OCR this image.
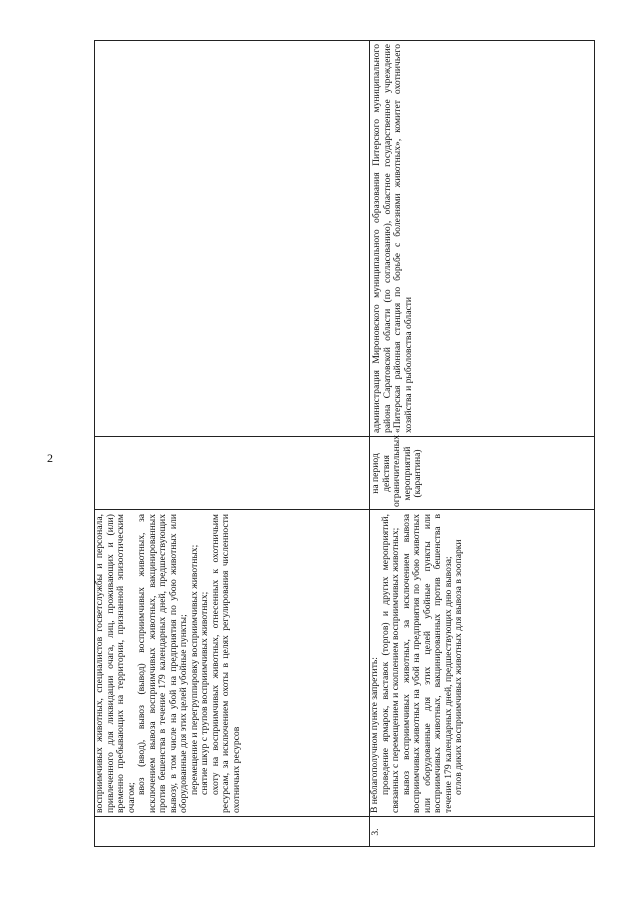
2

восприимчивых животных, специалистов госветслужбы и персонала, привлеченного для ликвидации очага, лиц, проживающих и (или) временно пребывающих на территории, признанной эпизоотическим очагом;

ввоз (ввод), вывоз (вывод) восприимчивых животных, за исключением вывоза восприимчивых животных, вакцинированных против бешенства в течение 179 календарных дней, предшествующих вывозу, в том числе на убой на предприятия по убою животных или оборудованные для этих целей убойные пункты; перемещение и перегруппировку восприимчивых животных; снятие шкур с трупов восприимчивых животных; охоту на восприимчивых животных, отнесенных к охотничьим ресурсам, за исключением охоты в целях регулирования численности охотничьих ресурсов

3.

В неблагополучном пункте запретить: проведение ярмарок, выставок (торгов) и других мероприятий, связанных с перемещением и скоплением восприимчивых животных; вывоз восприимчивых животных, за исключением вывоза восприимчивых животных на убой на предприятия по убою животных или оборудованные для этих целей убойные пункты или восприимчивых животных, вакцинированных против бешенства в течение 179 календарных дней, предшествующих дню вывоза; отлов диких восприимчивых животных для вывоза в зоопарки

на период действия ограничительных мероприятий (карантина)
администрация Мироновского муниципального образования Питерского муниципального района Саратовской области (по согласованию), областное государственное учреждение «Питерская районная станция по борьбе с болезнями животных», комитет охотничьего хозяйства и рыболовства области
